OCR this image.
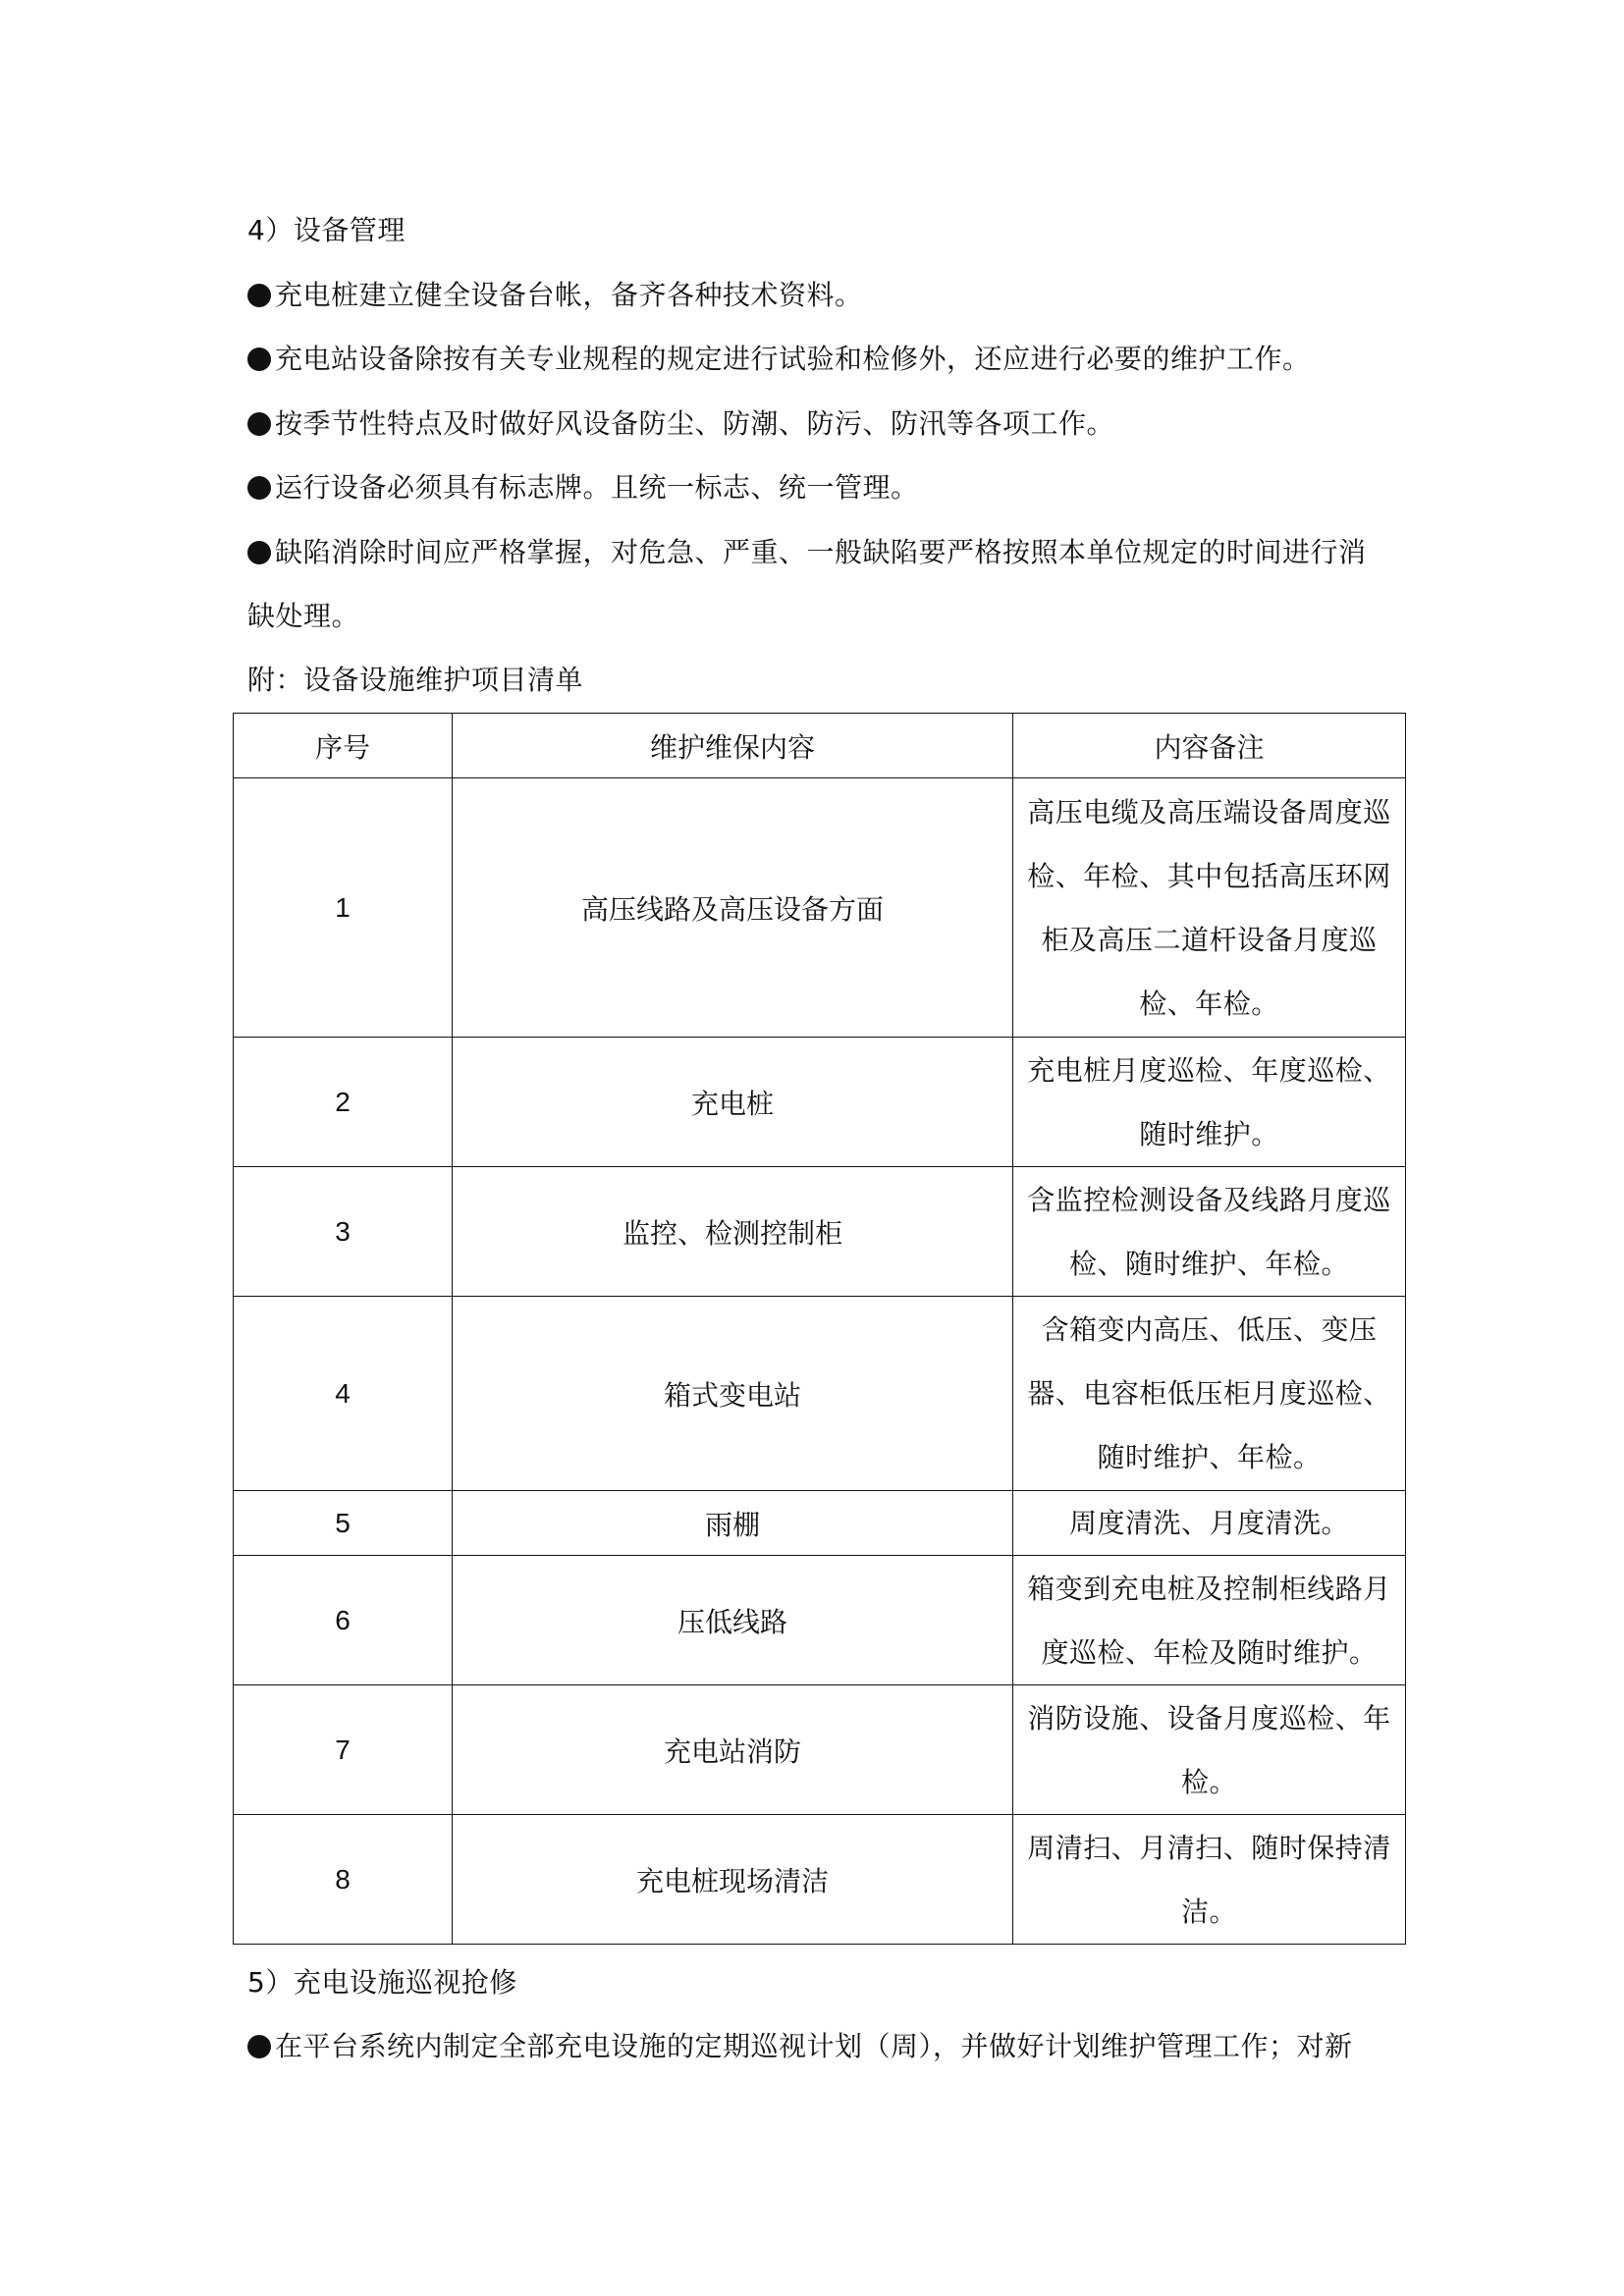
4）设备管理
充电桩建立健全设备台帐，备齐各种技术资料。
充电站设备除按有关专业规程的规定进行试验和检修外，还应进行必要的维护工作。
按季节性特点及时做好风设备防尘、防潮、防污、防汛等各项工作。
运行设备必须具有标志牌。且统一标志、统一管理。
缺陷消除时间应严格掌握，对危急、严重、一般缺陷要严格按照本单位规定的时间进行消
缺处理。
附：设备设施维护项目清单
序号	维护维保内容	内容备注
1	高压线路及高压设备方面	高压电缆及高压端设备周度巡检、年检、其中包括高压环网柜及高压二道杆设备月度巡检、年检。

2	充电桩	充电桩月度巡检、年度巡检、随时维护。

3	监控、检测控制柜	含监控检测设备及线路月度巡检、随时维护、年检。

4	箱式变电站	含箱变内高压、低压、变压器、电容柜低压柜月度巡检、随时维护、年检。

5	雨棚	周度清洗、月度清洗。

6	压低线路	箱变到充电桩及控制柜线路月度巡检、年检及随时维护。

7	充电站消防	消防设施、设备月度巡检、年检。

8	充电桩现场清洁	周清扫、月清扫、随时保持清洁。
5）充电设施巡视抢修
在平台系统内制定全部充电设施的定期巡视计划（周），并做好计划维护管理工作；对新
